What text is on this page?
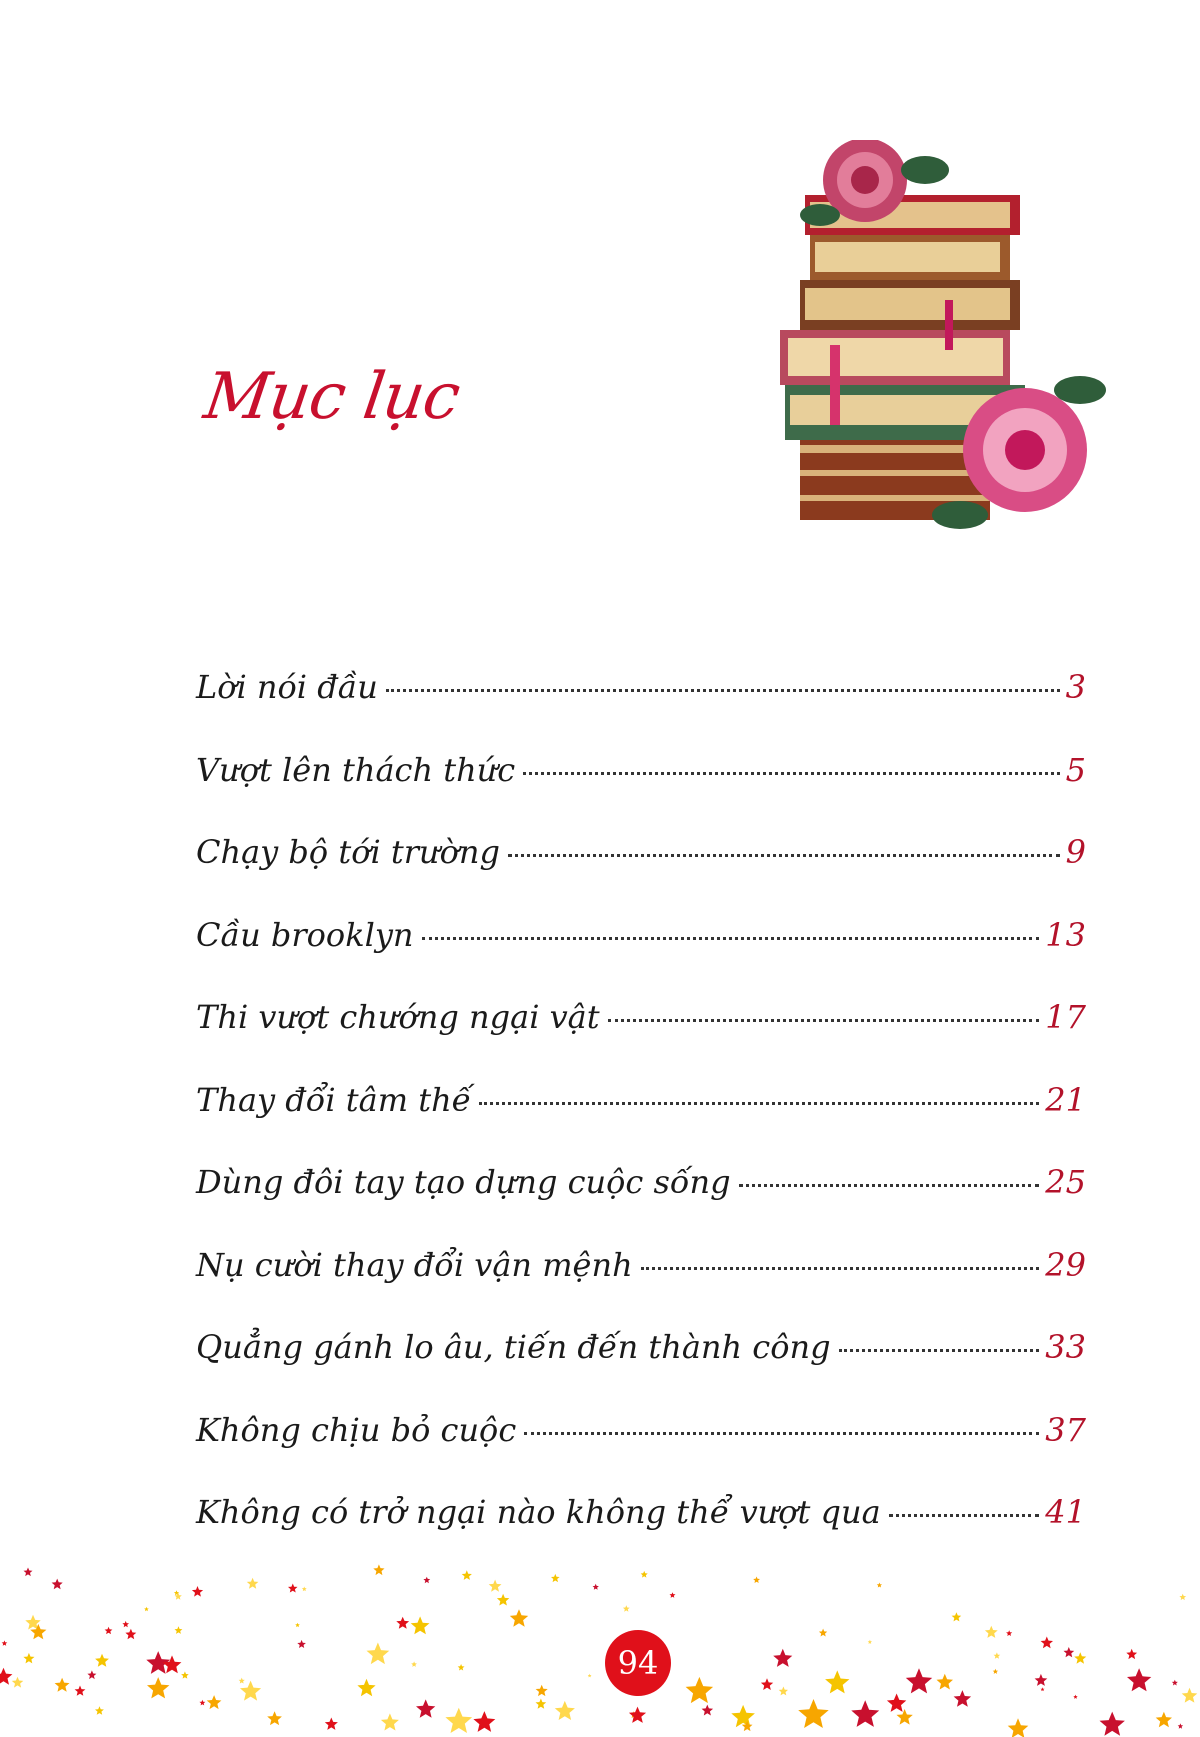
Mục lục
Lời nói đầu	3
Vượt lên thách thức	5
Chạy bộ tới trường	9
Cầu brooklyn	13
Thi vượt chướng ngại vật	17
Thay đổi tâm thế	21
Dùng đôi tay tạo dựng cuộc sống	25
Nụ cười thay đổi vận mệnh	29
Quẳng gánh lo âu, tiến đến thành công	33
Không chịu bỏ cuộc	37
Không có trở ngại nào không thể vượt qua	41
94
